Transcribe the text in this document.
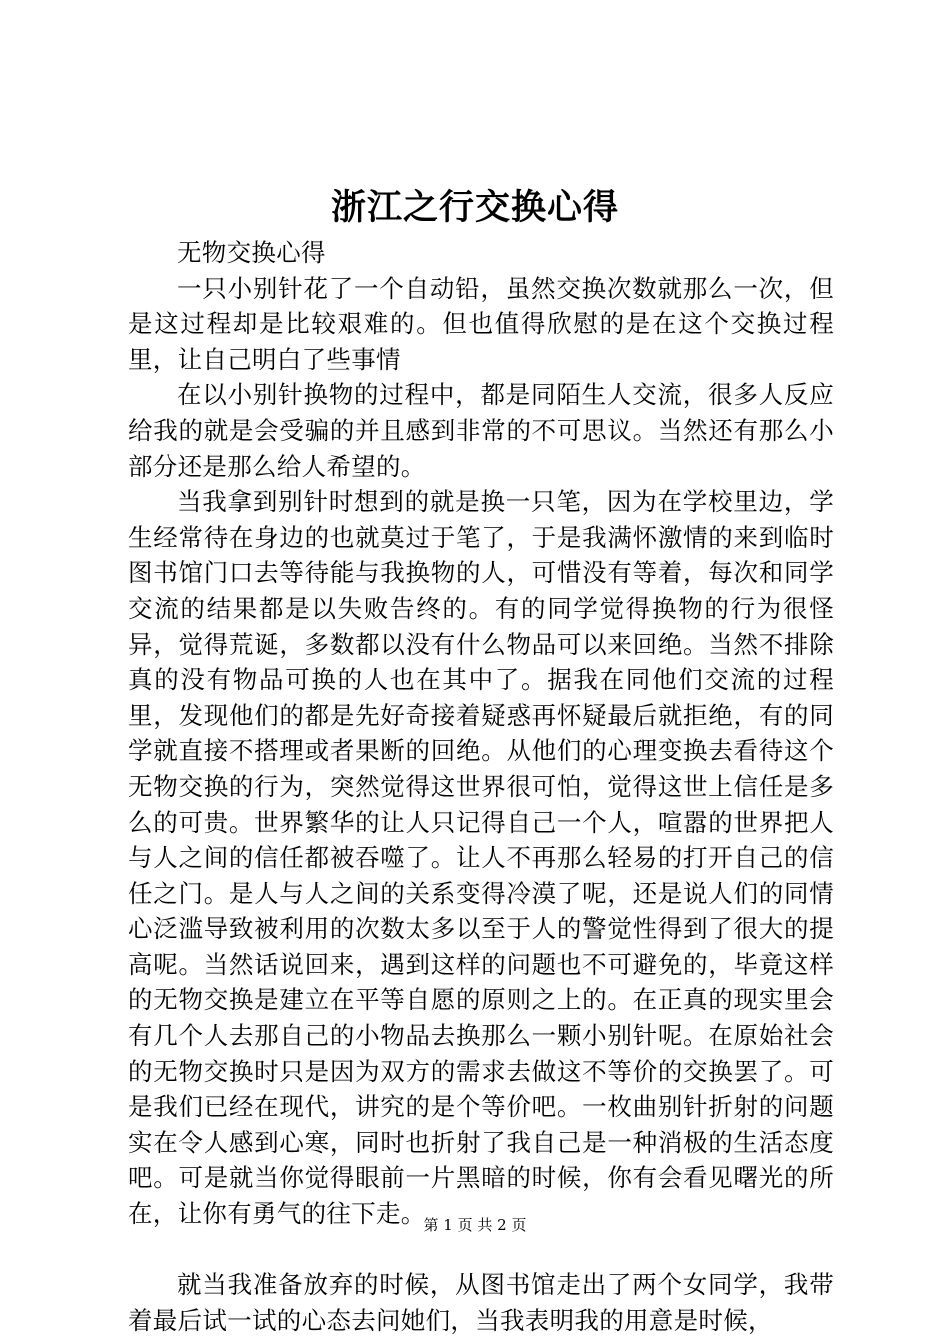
浙江之行交换心得

无物交换心得

一只小别针花了一个自动铅，虽然交换次数就那么一次，但是这过程却是比较艰难的。但也值得欣慰的是在这个交换过程里，让自己明白了些事情

在以小别针换物的过程中，都是同陌生人交流，很多人反应给我的就是会受骗的并且感到非常的不可思议。当然还有那么小部分还是那么给人希望的。

当我拿到别针时想到的就是换一只笔，因为在学校里边，学生经常待在身边的也就莫过于笔了，于是我满怀激情的来到临时图书馆门口去等待能与我换物的人，可惜没有等着，每次和同学交流的结果都是以失败告终的。有的同学觉得换物的行为很怪异，觉得荒诞，多数都以没有什么物品可以来回绝。当然不排除真的没有物品可换的人也在其中了。据我在同他们交流的过程里，发现他们的都是先好奇接着疑惑再怀疑最后就拒绝，有的同学就直接不搭理或者果断的回绝。从他们的心理变换去看待这个无物交换的行为，突然觉得这世界很可怕，觉得这世上信任是多么的可贵。世界繁华的让人只记得自己一个人，喧嚣的世界把人与人之间的信任都被吞噬了。让人不再那么轻易的打开自己的信任之门。是人与人之间的关系变得冷漠了呢，还是说人们的同情心泛滥导致被利用的次数太多以至于人的警觉性得到了很大的提高呢。当然话说回来，遇到这样的问题也不可避免的，毕竟这样的无物交换是建立在平等自愿的原则之上的。在正真的现实里会有几个人去那自己的小物品去换那么一颗小别针呢。在原始社会的无物交换时只是因为双方的需求去做这不等价的交换罢了。可是我们已经在现代，讲究的是个等价吧。一枚曲别针折射的问题实在令人感到心寒，同时也折射了我自己是一种消极的生活态度吧。可是就当你觉得眼前一片黑暗的时候，你有会看见曙光的所在，让你有勇气的往下走。

就当我准备放弃的时候，从图书馆走出了两个女同学，我带着最后试一试的心态去问她们，当我表明我的用意是时候，

第 1 页 共 2 页
